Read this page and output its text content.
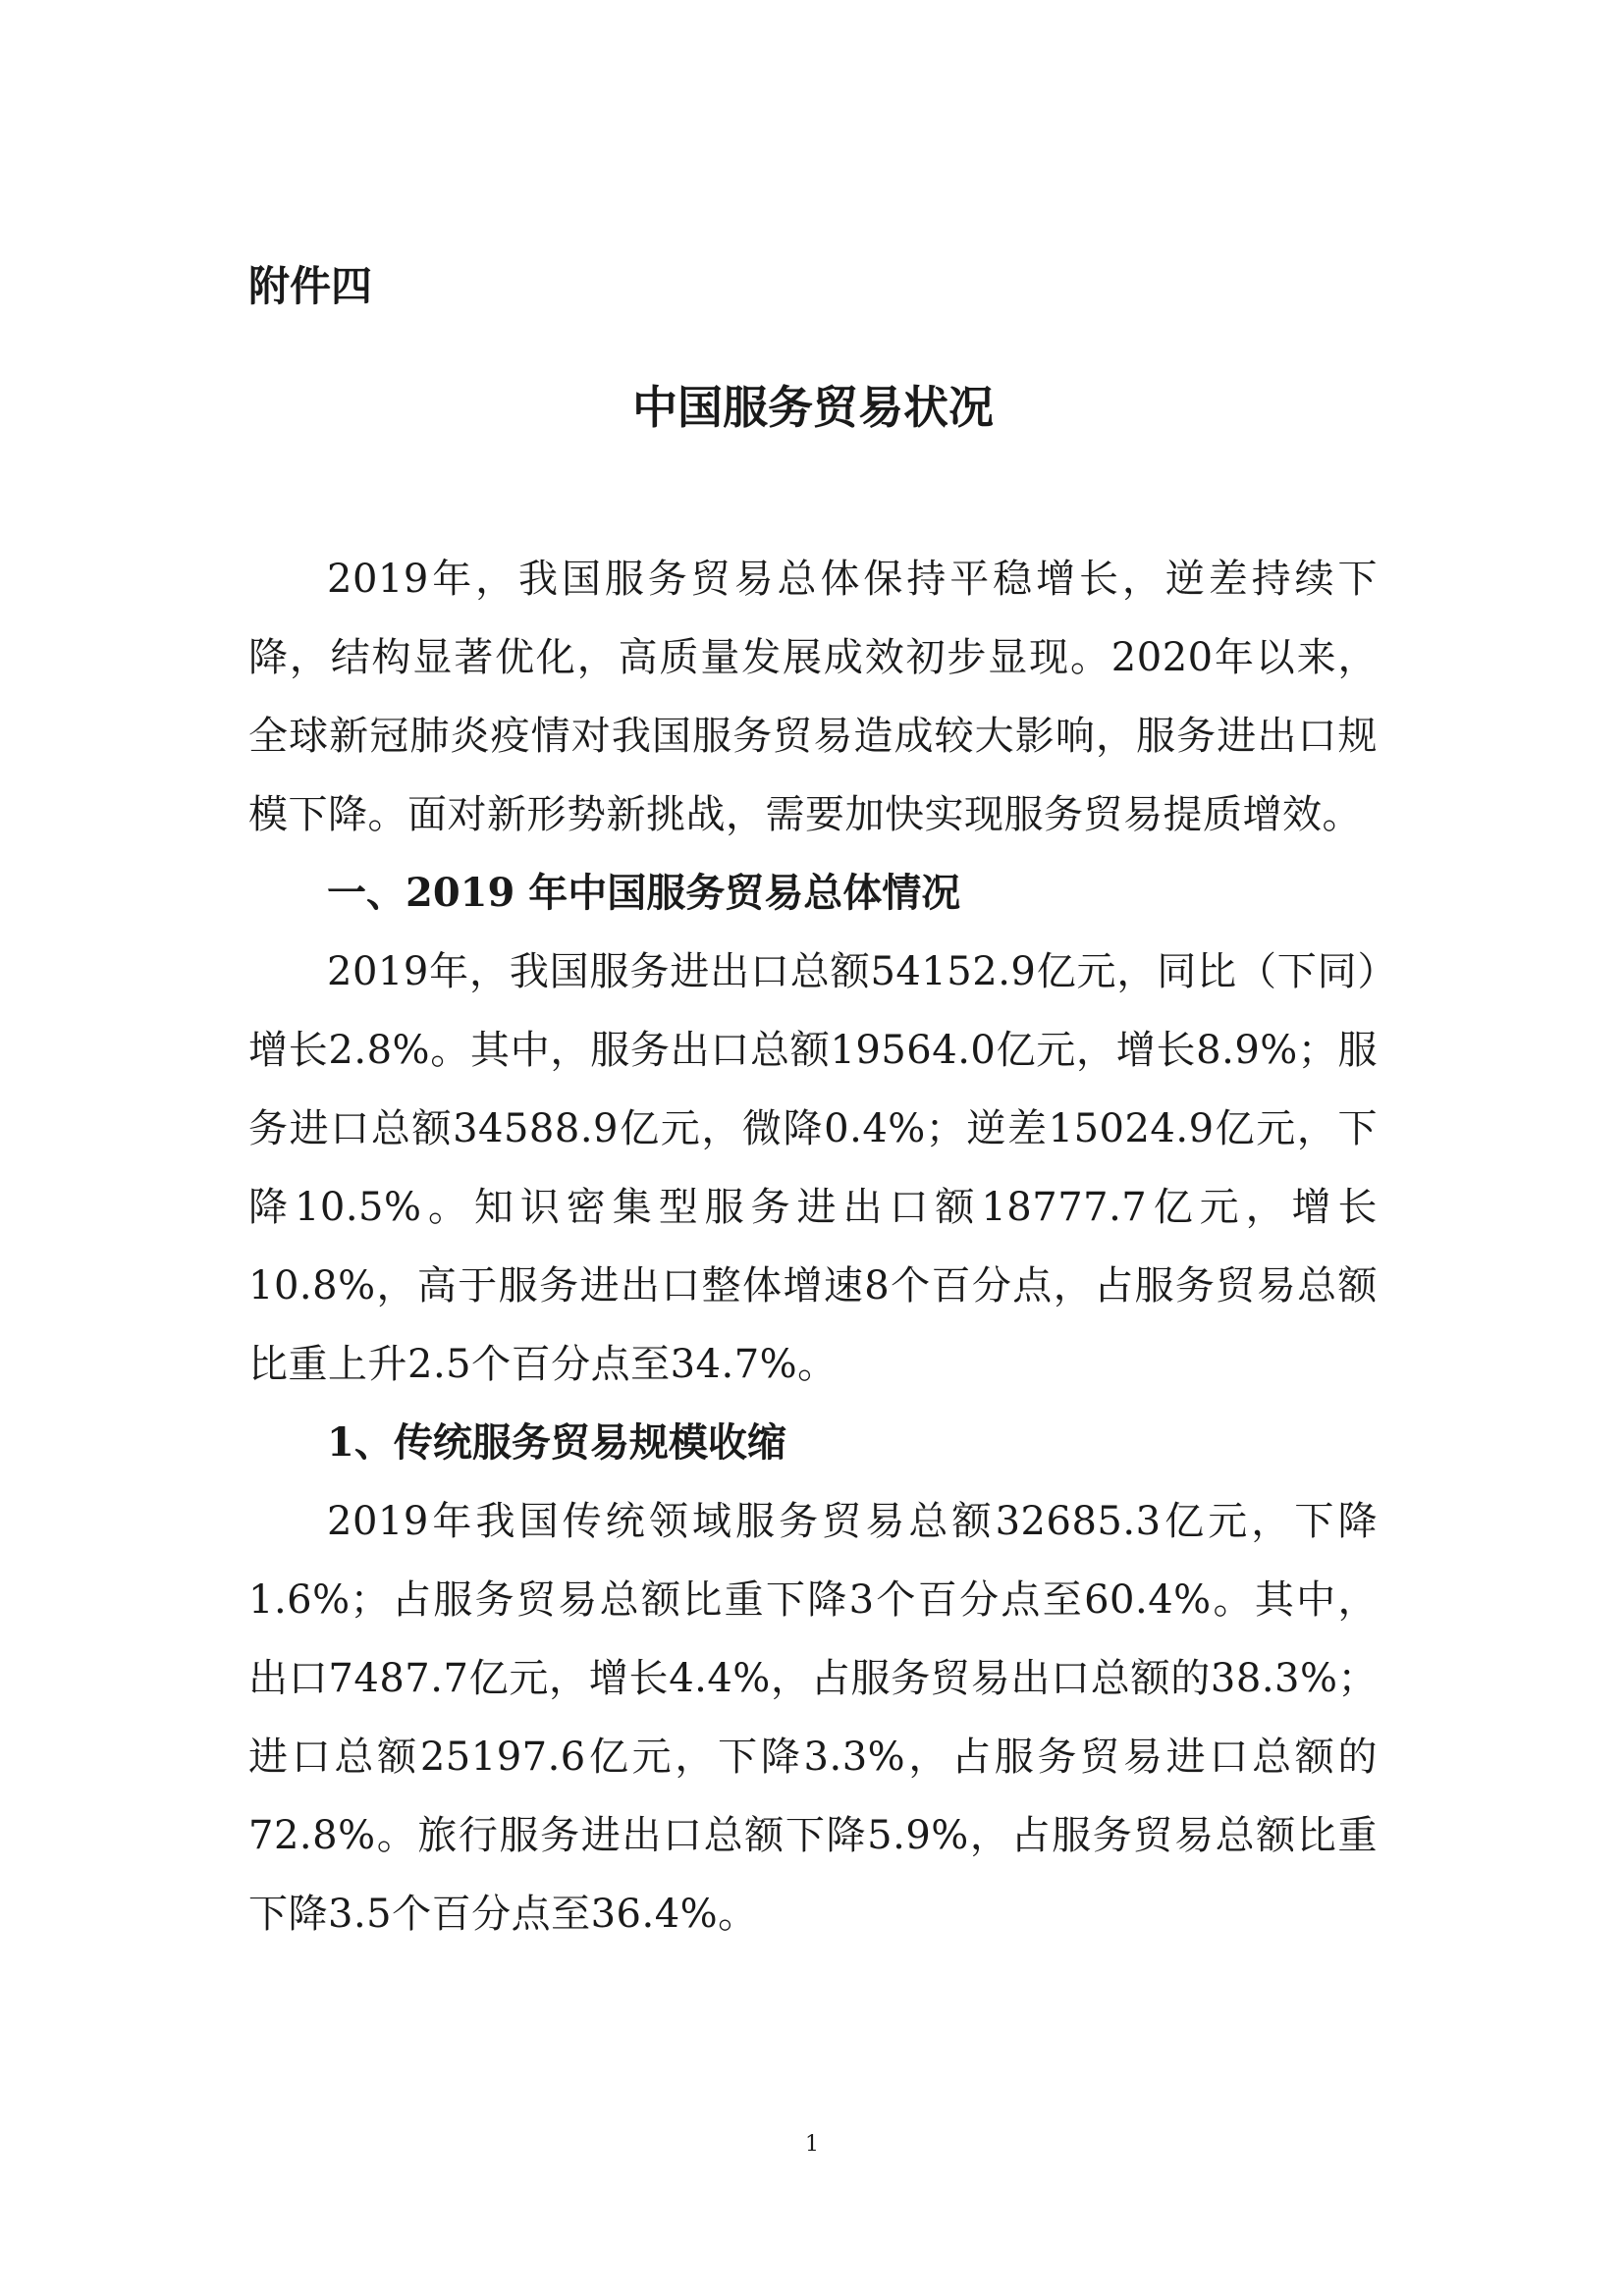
附件四
中国服务贸易状况

2019年，我国服务贸易总体保持平稳增长，逆差持续下降，结构显著优化，高质量发展成效初步显现。2020年以来，全球新冠肺炎疫情对我国服务贸易造成较大影响，服务进出口规模下降。面对新形势新挑战，需要加快实现服务贸易提质增效。

一、2019 年中国服务贸易总体情况

2019年，我国服务进出口总额54152.9亿元，同比（下同）增长2.8%。其中，服务出口总额19564.0亿元，增长8.9%；服务进口总额34588.9亿元，微降0.4%；逆差15024.9亿元，下降10.5%。知识密集型服务进出口额18777.7亿元，增长10.8%，高于服务进出口整体增速8个百分点，占服务贸易总额比重上升2.5个百分点至34.7%。

1、传统服务贸易规模收缩

2019年我国传统领域服务贸易总额32685.3亿元，下降1.6%；占服务贸易总额比重下降3个百分点至60.4%。其中，出口7487.7亿元，增长4.4%，占服务贸易出口总额的38.3%；进口总额25197.6亿元，下降3.3%，占服务贸易进口总额的72.8%。旅行服务进出口总额下降5.9%，占服务贸易总额比重下降3.5个百分点至36.4%。

1
